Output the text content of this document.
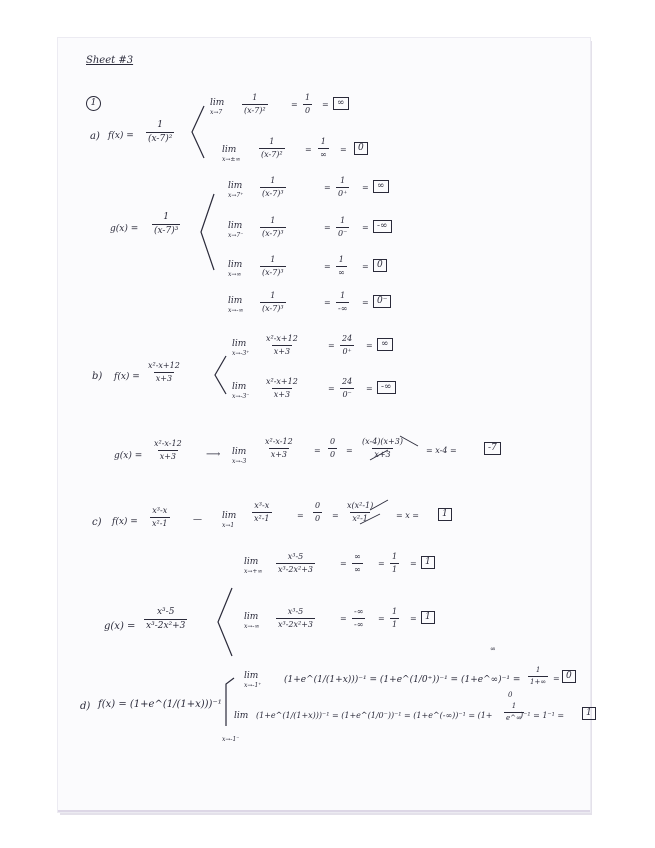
Sheet #3
1
a) $f(x) = \frac{1}{\text{(x-7)²}}$
lim
$x\to 7 \frac{1}{\text{(x-7)²}}$	= $\frac{1}{0}$ = ∞
lim
x→±∞
$\frac{1}{\text{(x-7)²}}$	=
1
∞
=	0
$g(x) = \frac{1}{\text{(x-7)³}}$
lim
$x\to 7^+ \frac{1}{\text{(x-7)³}}$	= $\frac{1}{0^+}$ = ∞
lim
$x\to 7^- \frac{1}{\text{(x-7)³}}$	= $\frac{1}{0^-}$ = -∞
lim
$x\to\infty \frac{1}{\text{(x-7)³}}$	=
1
∞
= 0
lim
$x\to-\infty \frac{1}{\text{(x-7)³}}$	=
1
-∞
= 0⁻
b) $f(x) = \frac{\text{x²-x+12}}{x+3}$
lim
$x\to-3^+ \frac{\text{x²-x+12}}{x+3}$	= $\frac{24}{0^+}$ = ∞
lim
$x\to-3^- \frac{\text{x²-x+12}}{x+3}$	= $\frac{24}{0^-}$ = -∞
$g(x) = \frac{\text{x²-x-12}}{x+3}$ ⟶ lim
x→-3
$\frac{\text{x²-x-12}}{x+3} = \frac{0}{0} = \frac{(x-4)(x+3)}{x+3}$	= x-4 =	-7
c) $f(x) = \frac{\text{x³-x}}{\text{x²-1}}$	— lim
x→1
$\frac{\text{x³-x}}{\text{x²-1}}$	= $\frac{0}{0} = \frac{\text{x(x²-1)}}{\text{x²-1}}$	= x =	1
$g(x) = \frac{\text{x³-5}}{\text{x³-2x²+3}}$
lim
$x\to+\infty \frac{\text{x³-5}}{\text{x³-2x²+3}}$	=
∞
∞
= $\frac{1}{1} = 1$
lim
$x\to-\infty \frac{\text{x³-5}}{\text{x³-2x²+3}}$	=
-∞
-∞
= $\frac{1}{1} = 1$
d) f(x) = (1+e^(1/(1+x)))⁻¹
lim
x→-1⁺
(1+e^(1/(1+x)))⁻¹ = (1+e^(1/0⁺))⁻¹ = (1+e^∞)⁻¹ = $\frac{1}{1+\infty} = 0$
∞
lim
x→-1⁻
(1+e^(1/(1+x)))⁻¹ = (1+e^(1/0⁻))⁻¹ = (1+e^(-∞))⁻¹ = ($1+ \frac{1}{e\^{}\infty}$
)⁻¹ = 1⁻¹ =	1
0
